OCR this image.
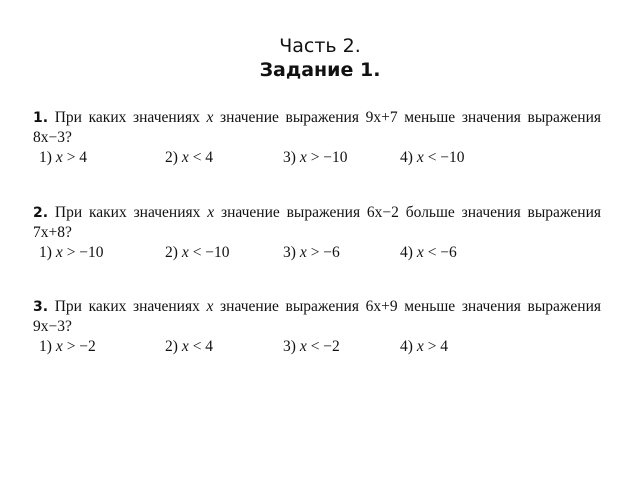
Часть 2.
Задание 1.
1. При каких значениях x значение выражения 9x+7 меньше значения выражения 8x−3?
1) x > 4	2) x < 4	3) x > −10	4) x < −10
2. При каких значениях x значение выражения 6x−2 больше значения выражения 7x+8?
1) x > −10	2) x < −10	3) x > −6	4) x < −6
3. При каких значениях x значение выражения 6x+9 меньше значения выражения 9x−3?
1) x > −2	2) x < 4	3) x < −2	4) x > 4
